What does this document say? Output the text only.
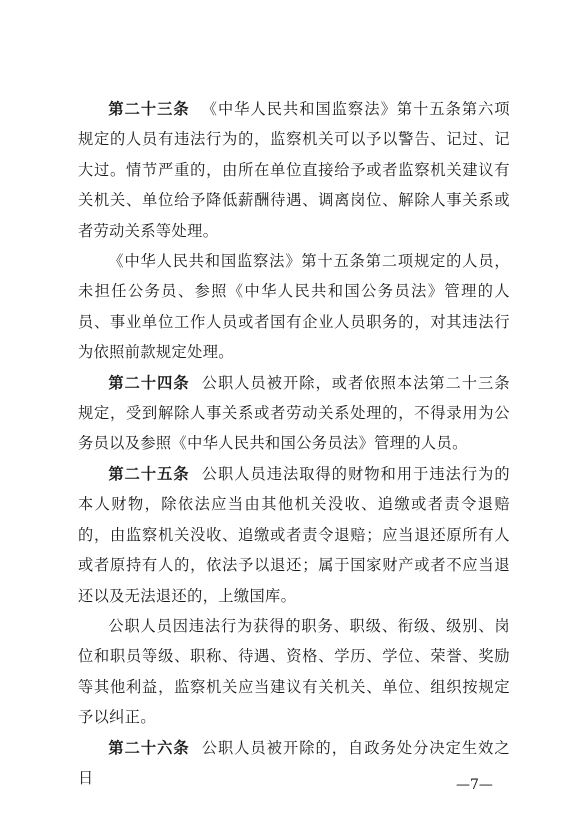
第二十三条 《中华人民共和国监察法》第十五条第六项规定的人员有违法行为的，监察机关可以予以警告、记过、记大过。情节严重的，由所在单位直接给予或者监察机关建议有关机关、单位给予降低薪酬待遇、调离岗位、解除人事关系或者劳动关系等处理。

《中华人民共和国监察法》第十五条第二项规定的人员，未担任公务员、参照《中华人民共和国公务员法》管理的人员、事业单位工作人员或者国有企业人员职务的，对其违法行为依照前款规定处理。

第二十四条 公职人员被开除，或者依照本法第二十三条规定，受到解除人事关系或者劳动关系处理的，不得录用为公务员以及参照《中华人民共和国公务员法》管理的人员。

第二十五条 公职人员违法取得的财物和用于违法行为的本人财物，除依法应当由其他机关没收、追缴或者责令退赔的，由监察机关没收、追缴或者责令退赔；应当退还原所有人或者原持有人的，依法予以退还；属于国家财产或者不应当退还以及无法退还的，上缴国库。

公职人员因违法行为获得的职务、职级、衔级、级别、岗位和职员等级、职称、待遇、资格、学历、学位、荣誉、奖励等其他利益，监察机关应当建议有关机关、单位、组织按规定予以纠正。

第二十六条 公职人员被开除的，自政务处分决定生效之日	—7—
